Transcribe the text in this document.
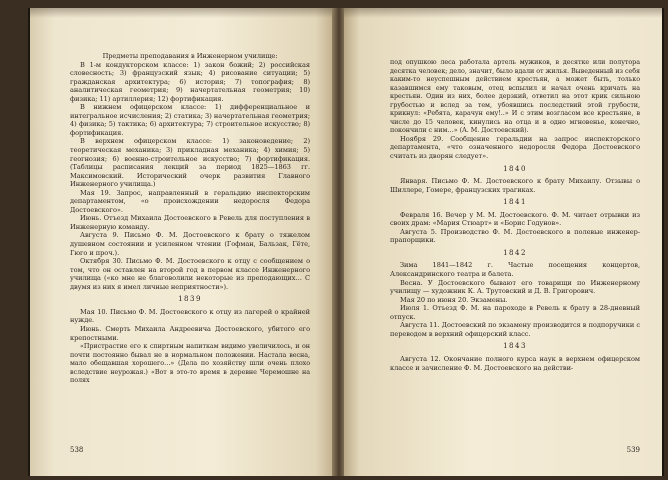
Предметы преподавания в Инженерном училище:

В 1-м кондукторском классе: 1) закон божий; 2) российская словесность; 3) французский язык; 4) рисование ситуации; 5) гражданская архитектура; 6) история; 7) топография; 8) аналитическая геометрия; 9) начертательная геометрия; 10) физика; 11) артиллерия; 12) фортификация.

В нижнем офицерском классе: 1) дифференциальное и интегральное исчисления; 2) статика; 3) начертательная геометрия; 4) физика; 5) тактика; 6) архитектура; 7) строительное искусство; 8) фортификация.

В верхнем офицерском классе: 1) законоведение; 2) теоретическая механика; 3) прикладная механика; 4) химия; 5) геогнозия; 6) военно-строительное искусство; 7) фортификация. (Таблицы расписания лекций за период 1825—1863 гг. Максимовский. Исторический очерк развития Главного Инженерного училища.)

Мая 19. Запрос, направленный в геральдию инспекторским департаментом, «о происхождении недоросля Федора Достоевского».

Июнь. Отъезд Михаила Достоевского в Ревель для поступления в Инженерную команду.

Августа 9. Письмо Ф. М. Достоевского к брату о тяжелом душевном состоянии и усиленном чтении (Гофман, Бальзак, Гёте, Гюго и проч.).

Октября 30. Письмо Ф. М. Достоевского к отцу с сообщением о том, что он оставлен на второй год в первом классе Инженерного училища («ко мне не благоволили некоторые из преподающих… С двумя из них я имел личные неприятности»).

1839

Мая 10. Письмо Ф. М. Достоевского к отцу из лагерей о крайней нужде.

Июнь. Смерть Михаила Андреевича Достоевского, убитого его крепостными.

«Пристрастие его к спиртным напиткам видимо увеличилось, и он почти постоянно бывал не в нормальном положении. Настала весна, мало обещавшая хорошего…» (Дела по хозяйству шли очень плохо вследствие неурожая.) «Вот в это-то время в деревне Черемошне на полях

538

под опушкою леса работала артель мужиков, в десятке или полутора десятка человек; дело, значит, было вдали от жилья. Выведенный из себя каким-то неуспешным действием крестьян, а может быть, только казавшимся ему таковым, отец вспылил и начал очень кричать на крестьян. Один из них, более дерзкий, ответил на этот крик сильною грубостью и вслед за тем, убоявшись последствий этой грубости, крикнул: «Ребята, карачун ему!..» И с этим возгласом все крестьяне, в числе до 15 человек, кинулись на отца и в одно мгновенье, конечно, покончили с ним…» (А. М. Достоевский).

Ноября 29. Сообщение геральдии на запрос инспекторского департамента, «что означенного недоросля Федора Достоевского считать из дворян следует».

1840

Января. Письмо Ф. М. Достоевского к брату Михаилу. Отзывы о Шиллере, Гомере, французских трагиках.

1841

Февраля 16. Вечер у М. М. Достоевского. Ф. М. читает отрывки из своих драм: «Мария Стюарт» и «Борис Годунов».

Августа 5. Производство Ф. М. Достоевского в полевые инженер-прапорщики.

1842

Зима 1841—1842 г. Частые посещения концертов, Александринского театра и балета.

Весна. У Достоевского бывают его товарищи по Инженерному училищу — художник К. А. Трутовский и Д. В. Григорович.

Мая 20 по июня 20. Экзамены.

Июля 1. Отъезд Ф. М. на пароходе в Ревель к брату в 28-дневный отпуск.

Августа 11. Достоевский по экзамену производится в подпоручики с переводом в верхний офицерский класс.

1843

Августа 12. Окончание полного курса наук в верхнем офицерском классе и зачисление Ф. М. Достоевского на действи-

539
